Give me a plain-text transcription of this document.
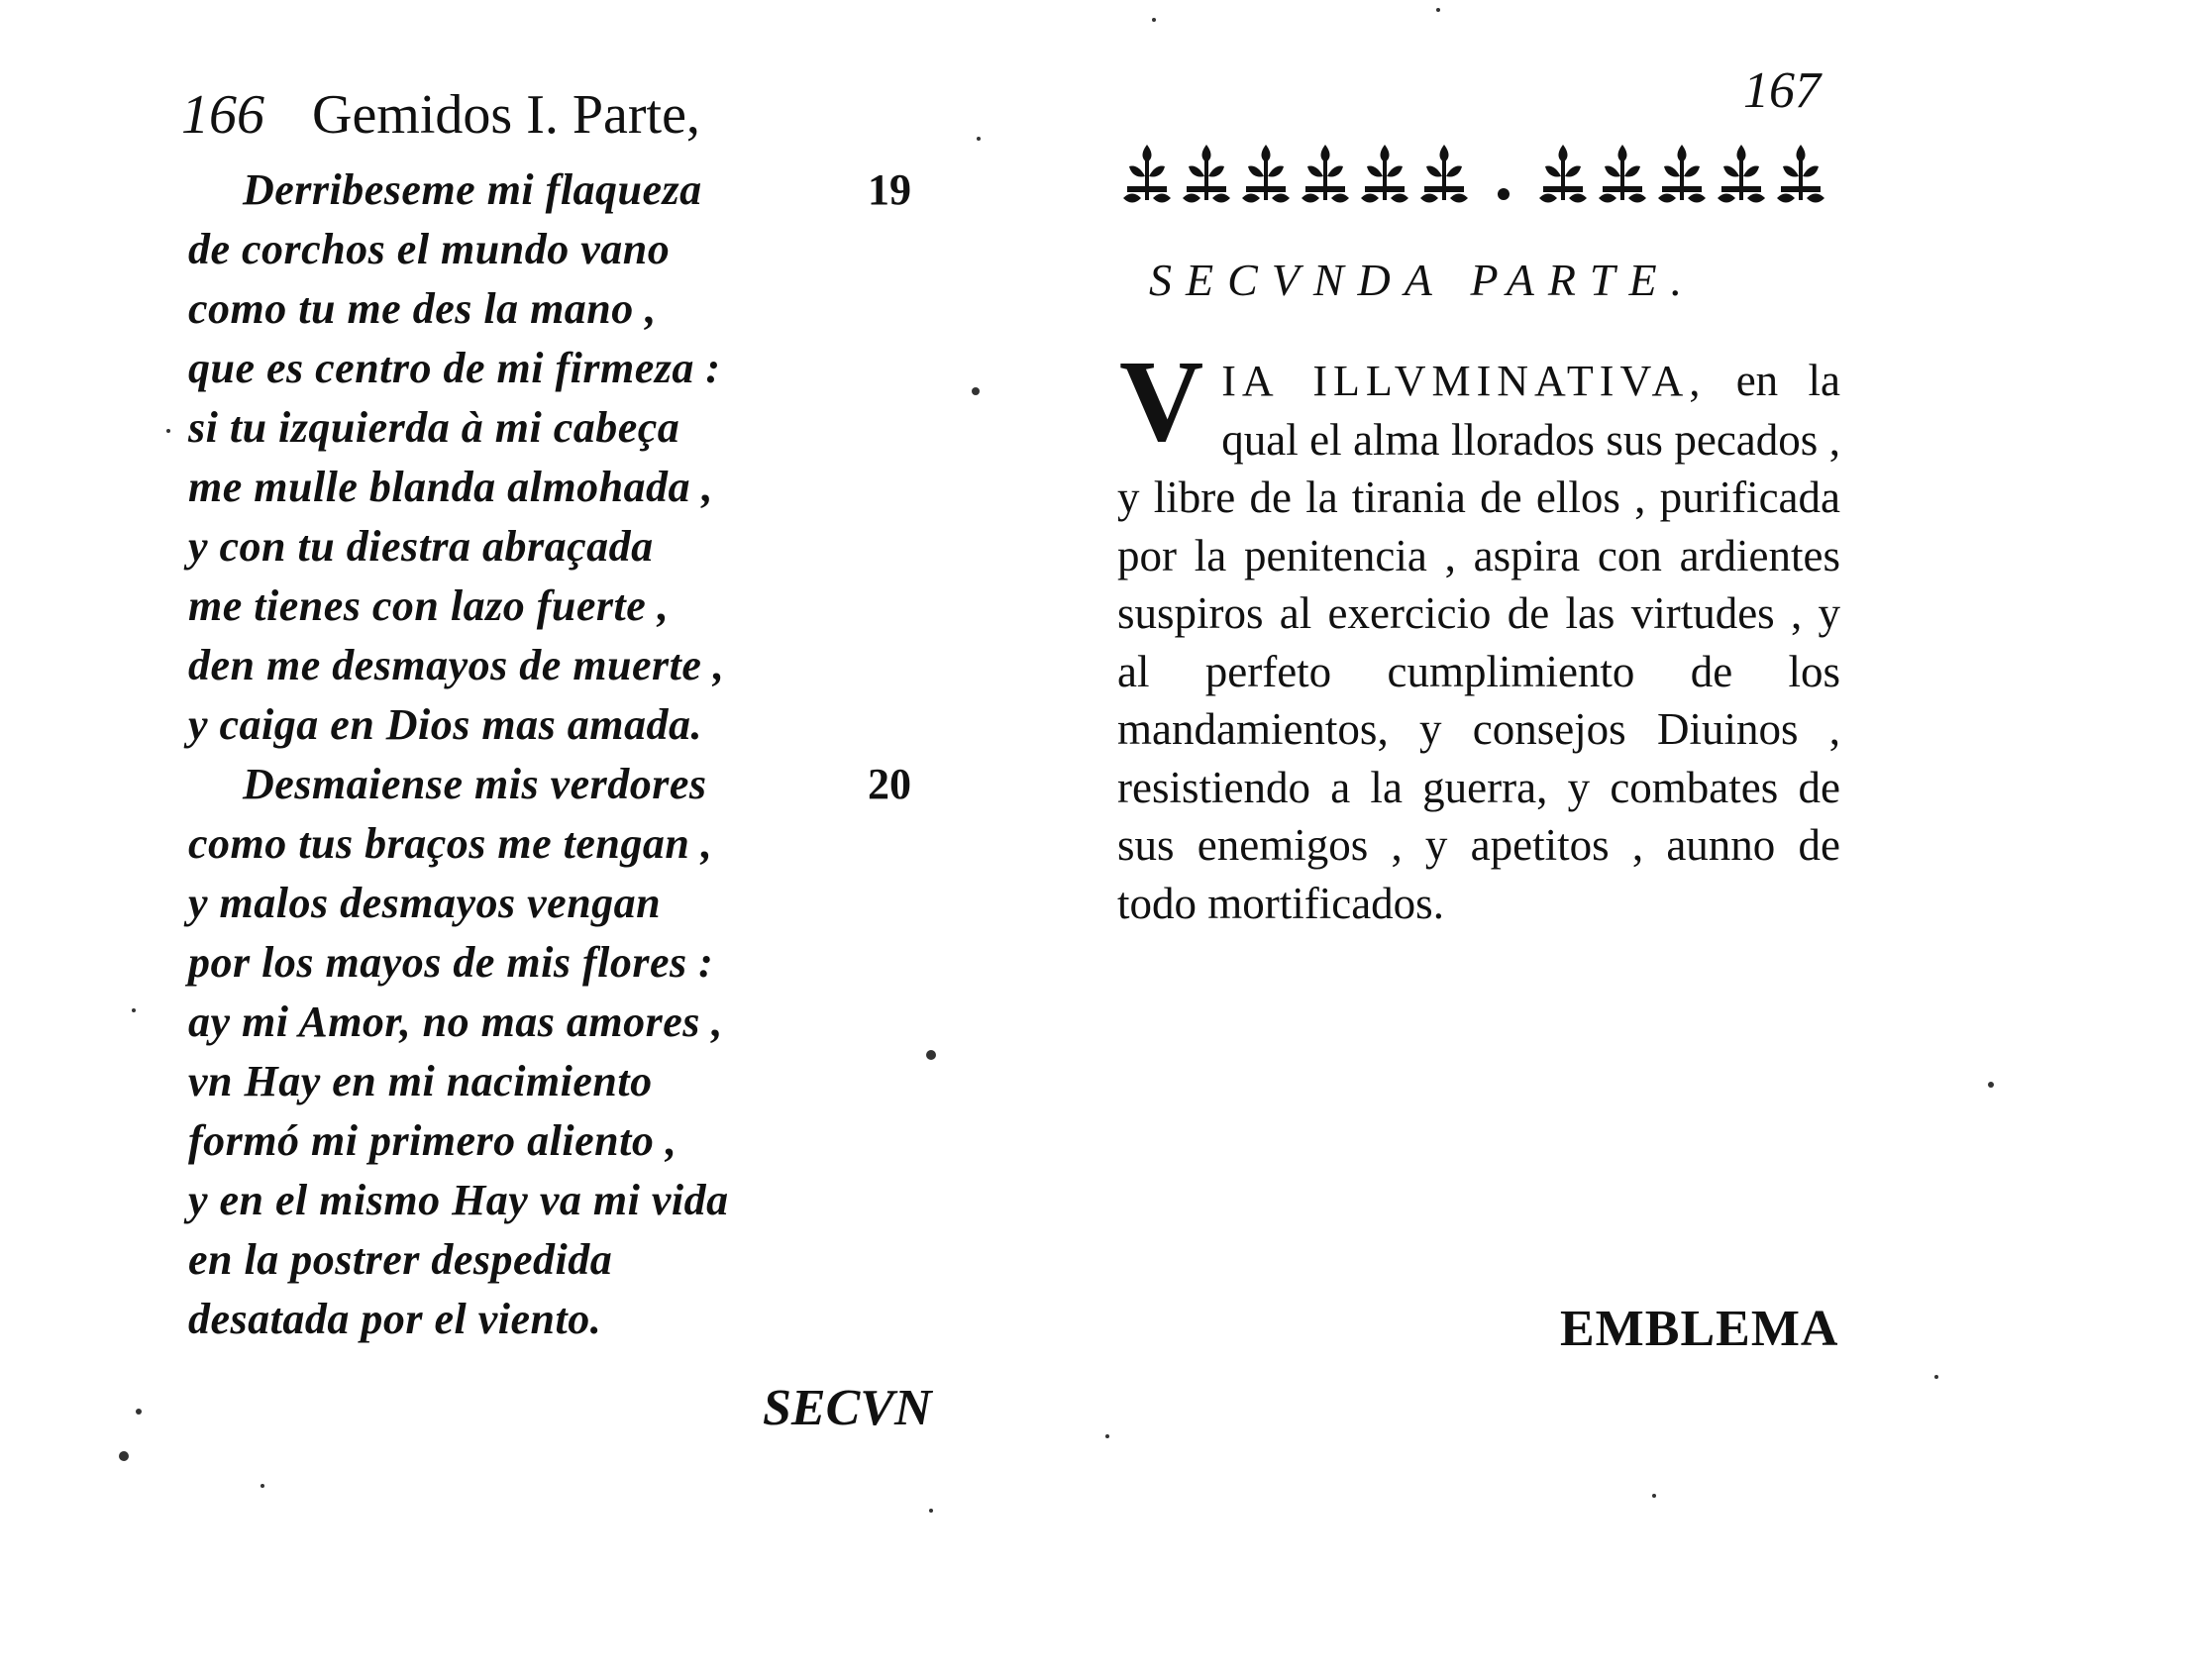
166 Gemidos I. Parte,
19
Derribeseme mi flaqueza
de corchos el mundo vano
como tu me des la mano ,
que es centro de mi firmeza :
si tu izquierda à mi cabeça
me mulle blanda almohada ,
y con tu diestra abraçada
me tienes con lazo fuerte ,
den me desmayos de muerte ,
y caiga en Dios mas amada.
20
Desmaiense mis verdores
como tus braços me tengan ,
y malos desmayos vengan
por los mayos de mis flores :
ay mi Amor, no mas amores ,
vn Hay en mi nacimiento
formó mi primero aliento ,
y en el mismo Hay va mi vida
en la postrer despedida
desatada por el viento.
SECVN
167
SECVNDA PARTE.
V IA ILLVMINATIVA, en la qual el alma llorados sus pecados , y libre de la tirania de ellos , purificada por la penitencia , aspira con ardientes suspiros al exercicio de las virtudes , y al perfeto cumplimiento de los mandamientos, y consejos Diuinos , resistiendo a la guerra, y combates de sus enemigos , y apetitos , aunno de todo mortificados.
EMBLEMA
